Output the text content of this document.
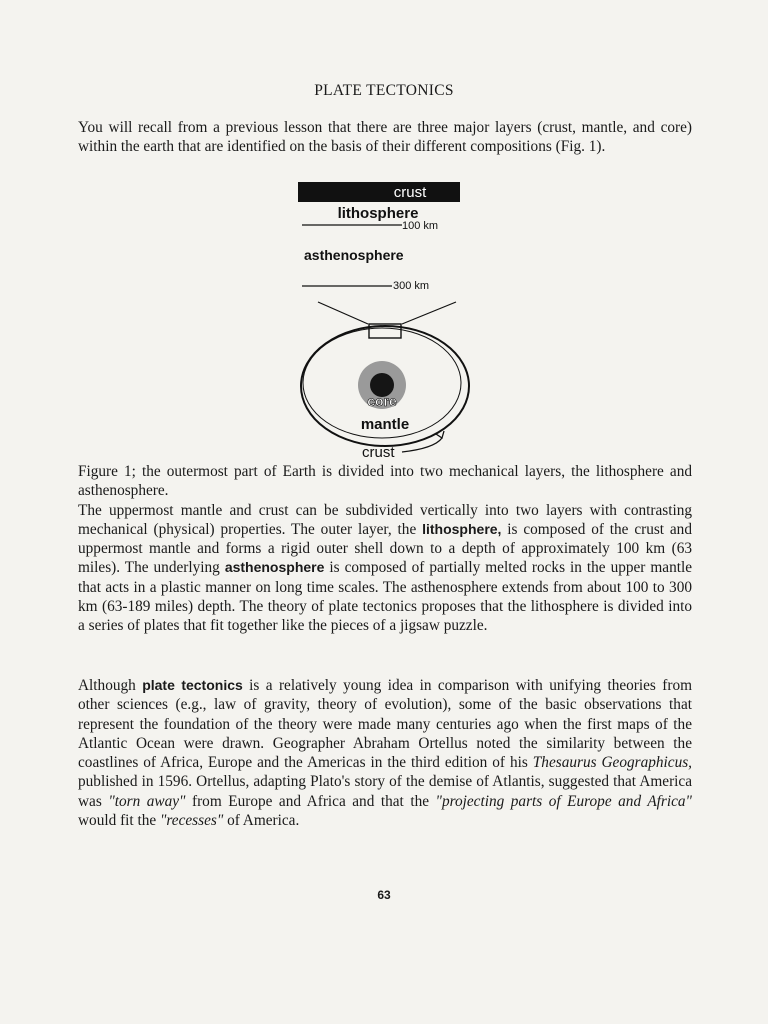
PLATE TECTONICS

You will recall from a previous lesson that there are three major layers (crust, mantle, and core) within the earth that are identified on the basis of their different compositions (Fig. 1).

crust
lithosphere
100 km
asthenosphere
300 km
core
mantle
crust

Figure 1; the outermost part of Earth is divided into two mechanical layers, the lithosphere and asthenosphere.
The uppermost mantle and crust can be subdivided vertically into two layers with contrasting mechanical (physical) properties. The outer layer, the lithosphere, is composed of the crust and uppermost mantle and forms a rigid outer shell down to a depth of approximately 100 km (63 miles). The underlying asthenosphere is composed of partially melted rocks in the upper mantle that acts in a plastic manner on long time scales. The asthenosphere extends from about 100 to 300 km (63-189 miles) depth. The theory of plate tectonics proposes that the lithosphere is divided into a series of plates that fit together like the pieces of a jigsaw puzzle.

Although plate tectonics is a relatively young idea in comparison with unifying theories from other sciences (e.g., law of gravity, theory of evolution), some of the basic observations that represent the foundation of the theory were made many centuries ago when the first maps of the Atlantic Ocean were drawn. Geographer Abraham Ortellus noted the similarity between the coastlines of Africa, Europe and the Americas in the third edition of his Thesaurus Geographicus, published in 1596. Ortellus, adapting Plato's story of the demise of Atlantis, suggested that America was "torn away" from Europe and Africa and that the "projecting parts of Europe and Africa" would fit the "recesses" of America.

63
